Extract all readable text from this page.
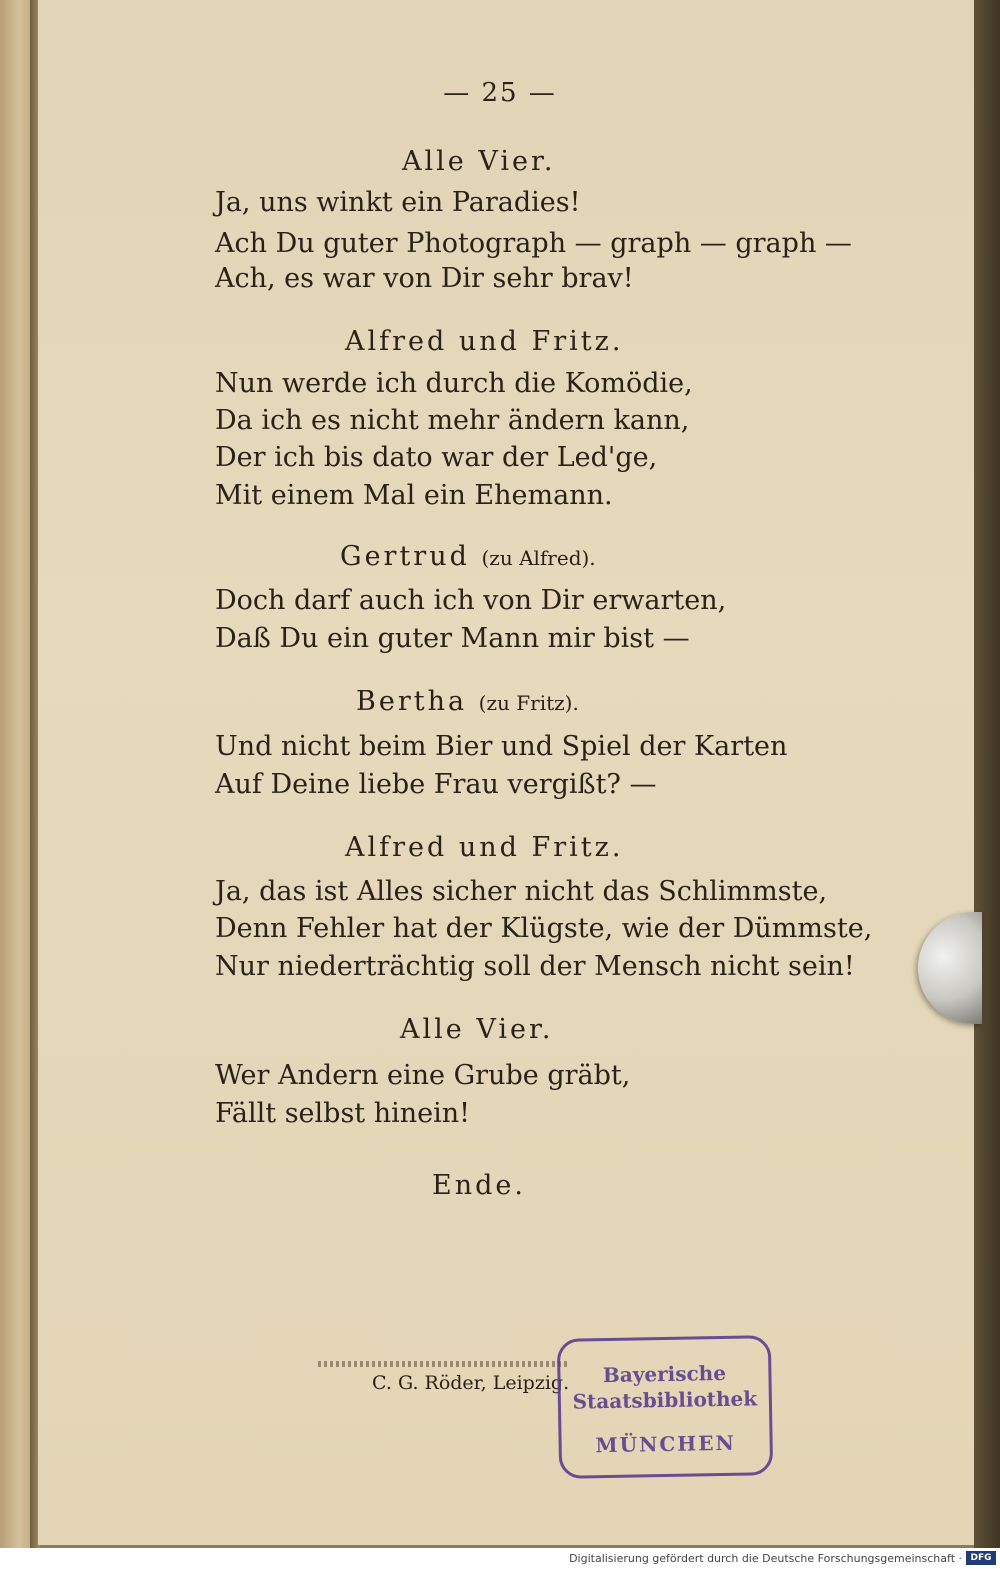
— 25 —
Alle Vier.
Ja, uns winkt ein Paradies!
Ach Du guter Photograph — graph — graph —
Ach, es war von Dir sehr brav!
Alfred und Fritz.
Nun werde ich durch die Komödie,
Da ich es nicht mehr ändern kann,
Der ich bis dato war der Led'ge,
Mit einem Mal ein Ehemann.
Gertrud (zu Alfred).
Doch darf auch ich von Dir erwarten,
Daß Du ein guter Mann mir bist —
Bertha (zu Fritz).
Und nicht beim Bier und Spiel der Karten
Auf Deine liebe Frau vergißt? —
Alfred und Fritz.
Ja, das ist Alles sicher nicht das Schlimmste,
Denn Fehler hat der Klügste, wie der Dümmste,
Nur niederträchtig soll der Mensch nicht sein!
Alle Vier.
Wer Andern eine Grube gräbt,
Fällt selbst hinein!
Ende.
C. G. Röder, Leipzig.	Bayerische
Staatsbibliothek
MÜNCHEN
Digitalisierung gefördert durch die Deutsche Forschungsgemeinschaft · DFG
